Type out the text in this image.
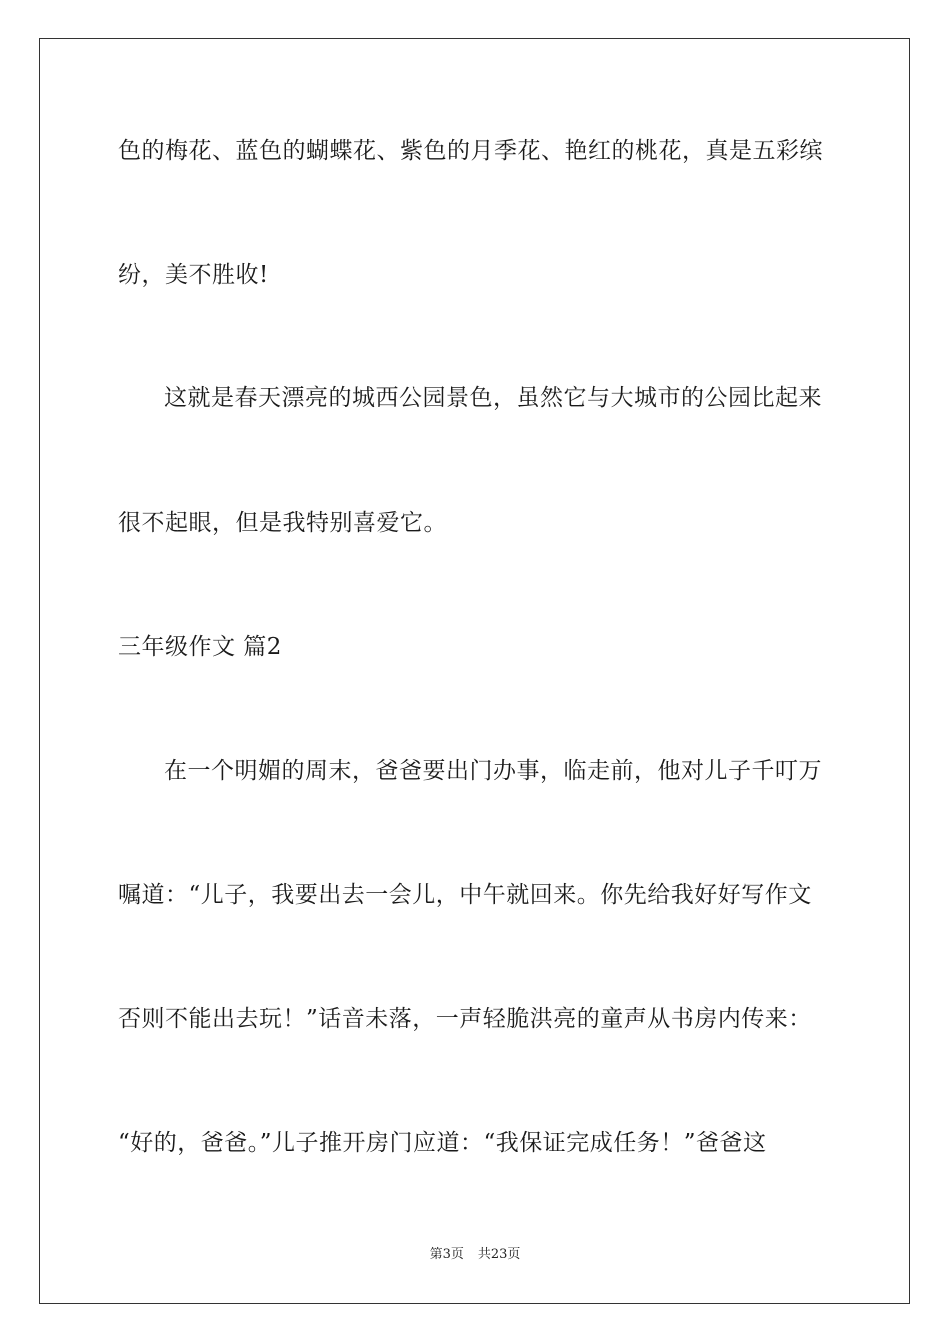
色的梅花、蓝色的蝴蝶花、紫色的月季花、艳红的桃花，真是五彩缤
纷，美不胜收!
这就是春天漂亮的城西公园景色，虽然它与大城市的公园比起来
很不起眼，但是我特别喜爱它。
三年级作文 篇2
在一个明媚的周末，爸爸要出门办事，临走前，他对儿子千叮万
嘱道：“儿子，我要出去一会儿，中午就回来。你先给我好好写作文
否则不能出去玩！”话音未落，一声轻脆洪亮的童声从书房内传来：
“好的，爸爸。”儿子推开房门应道：“我保证完成任务！”爸爸这
第3页 共23页
